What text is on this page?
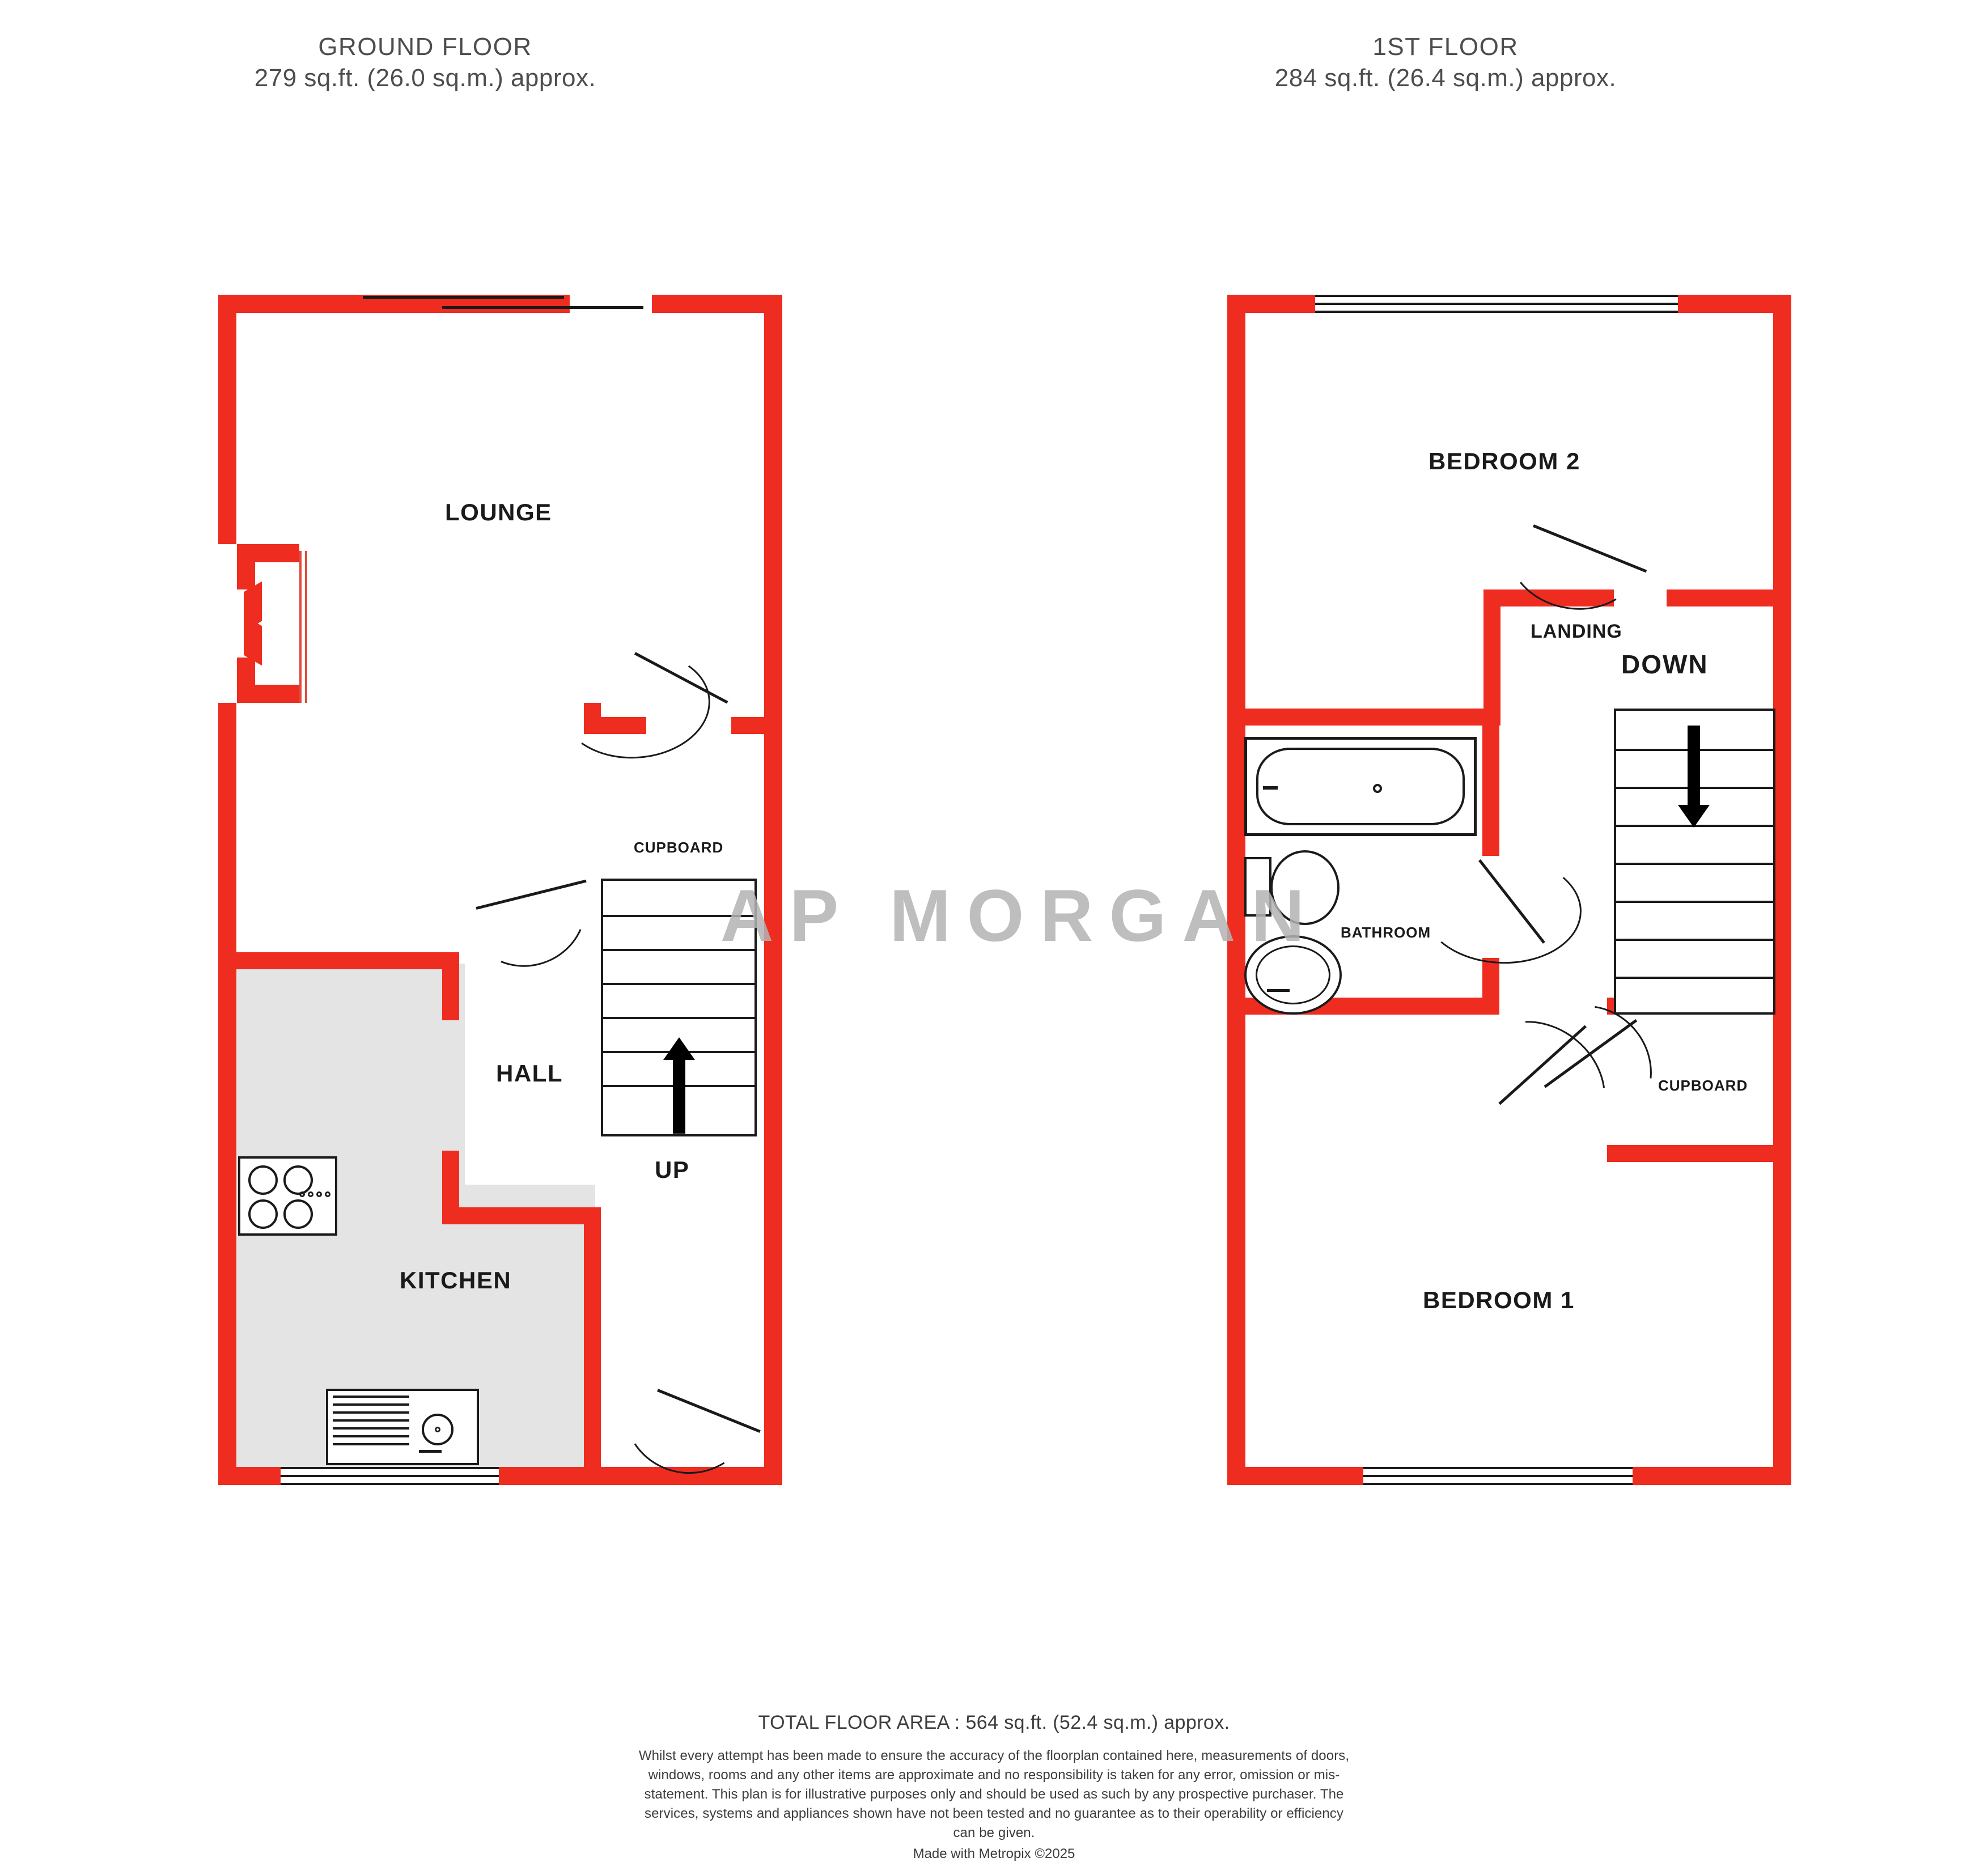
GROUND FLOOR
279 sq.ft. (26.0 sq.m.) approx.
1ST FLOOR
284 sq.ft. (26.4 sq.m.) approx.
AP MORGAN
UP
LOUNGE
HALL
KITCHEN
CUPBOARD
DOWN
BEDROOM 2
LANDING
BATHROOM
BEDROOM 1
CUPBOARD
TOTAL FLOOR AREA : 564 sq.ft. (52.4 sq.m.) approx.
Whilst every attempt has been made to ensure the accuracy of the floorplan contained here, measurements of doors, windows, rooms and any other items are approximate and no responsibility is taken for any error, omission or mis-statement. This plan is for illustrative purposes only and should be used as such by any prospective purchaser. The services, systems and appliances shown have not been tested and no guarantee as to their operability or efficiency can be given.
Made with Metropix ©2025
